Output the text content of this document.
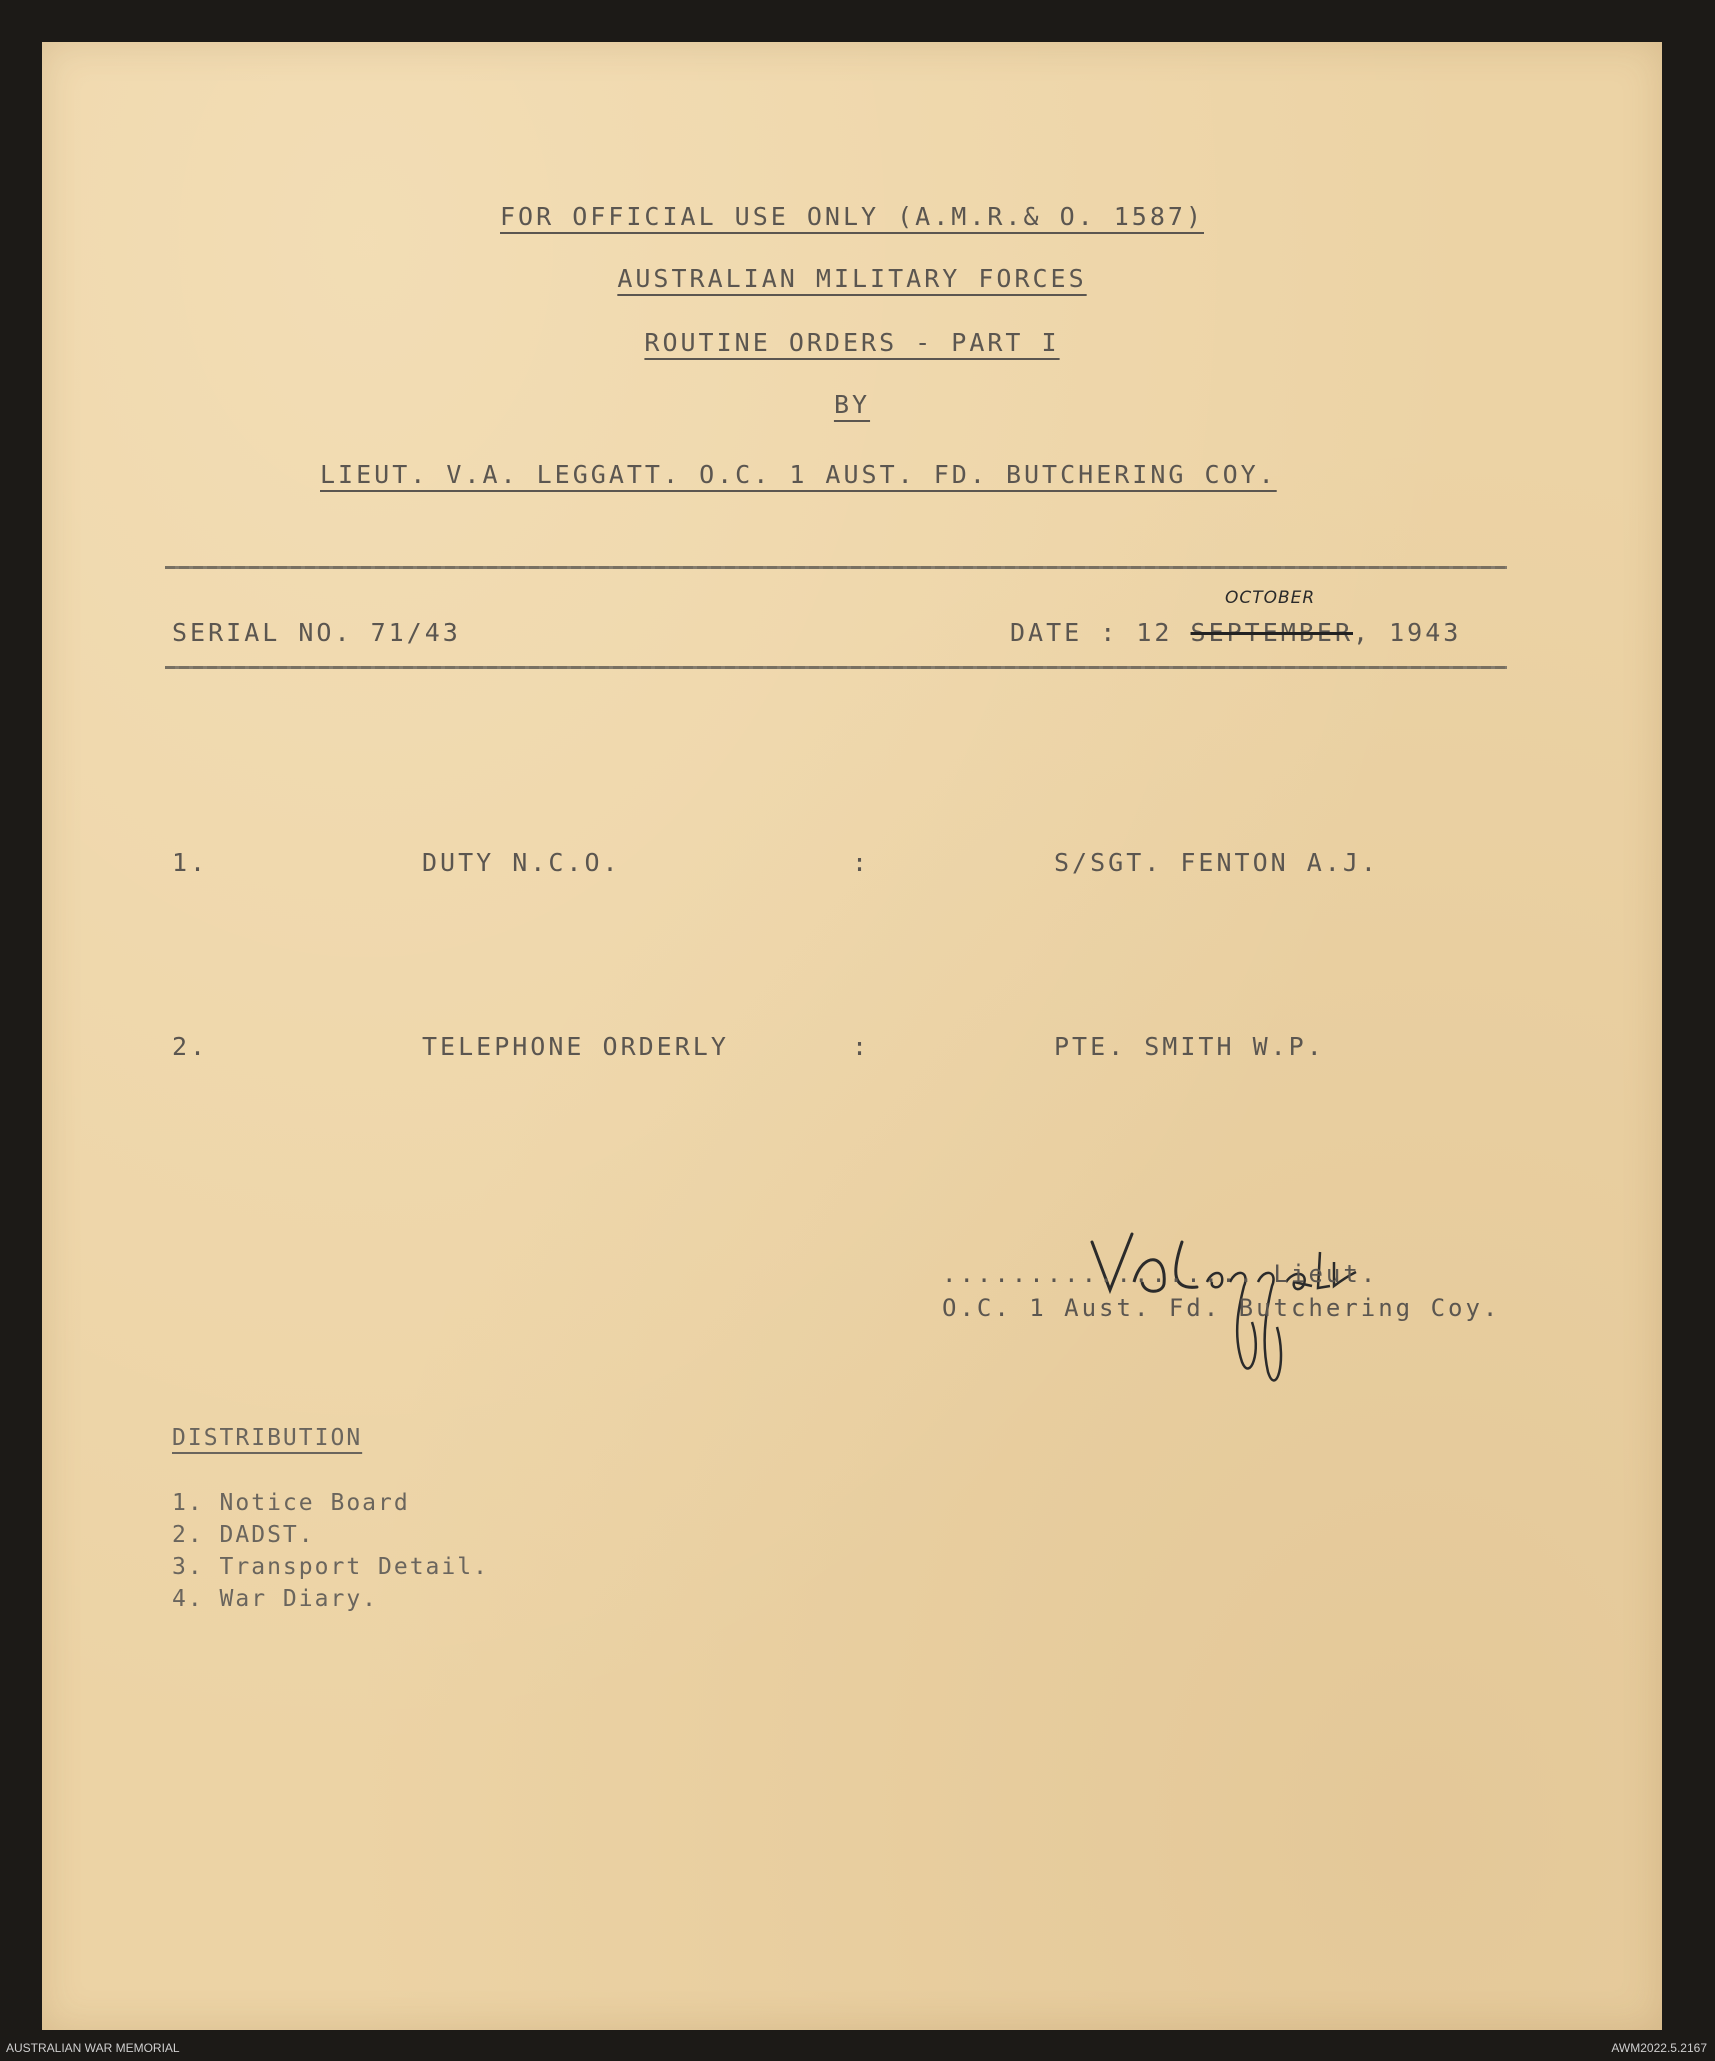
FOR OFFICIAL USE ONLY (A.M.R.& O. 1587)
AUSTRALIAN MILITARY FORCES
ROUTINE ORDERS - PART I
BY
LIEUT. V.A. LEGGATT. O.C. 1 AUST. FD. BUTCHERING COY.
SERIAL NO. 71/43
OCTOBER
DATE : 12 SEPTEMBER, 1943
1.	DUTY N.C.O.	:	S/SGT. FENTON A.J.
2.	TELEPHONE ORDERLY	:	PTE. SMITH W.P.
.................. Lieut.
O.C. 1 Aust. Fd. Butchering Coy.
DISTRIBUTION
1. Notice Board
2. DADST.
3. Transport Detail.
4. War Diary.
AUSTRALIAN WAR MEMORIAL	AWM2022.5.2167
